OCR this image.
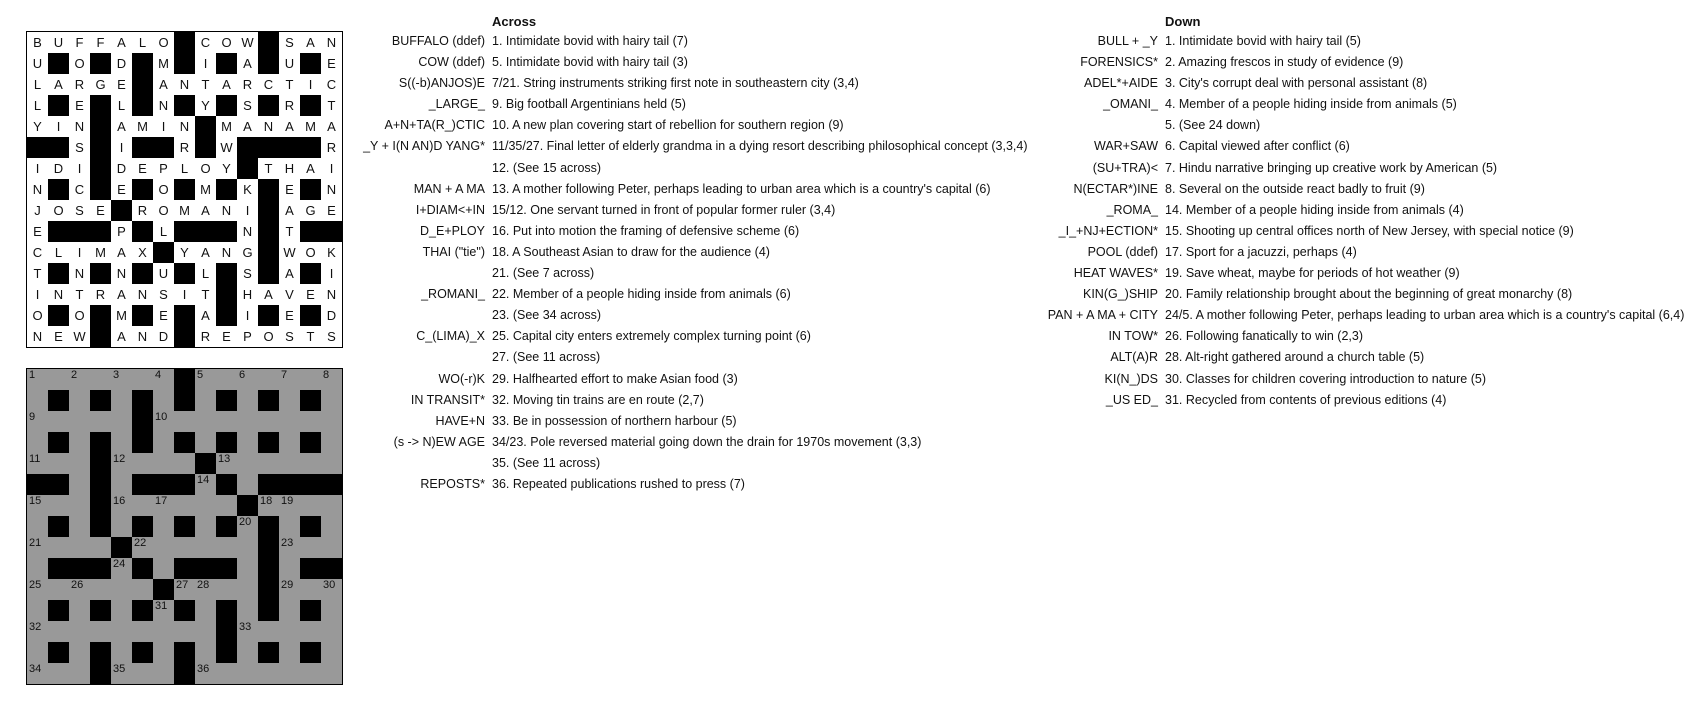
B U F	F A	L O	C O W	S A N
U	O	D	M	I	A	U	E
L	A R G E	A N T A R C T	I	C
L	E	L	N	Y	S	R	T
Y	I	N	A M	I	N	M A N A M A
S	I	R	W	R
I	D	I	D E P	L O Y	T H A	I
N	C	E	O	M	K	E	N
J O S E	R O M A N	I	A G E
E	P	L	N	T
C L	I	M A X	Y A N G	W O K
T	N	N	U	L	S	A	I
I	N T R A N S	I	T	H A V E N
O	O	M	E	A	I	E	D
N E W	A N D	R E P O S T S
1	2	3	4	5	6	7	8
9	10
11	12	13
14
15	16	17	18 19
20
21	22	23
24
25	26	27 28	29	30
31
32	33
34	35	36
Across	Down
BUFFALO (ddef) 1. Intimidate bovid with hairy tail (7)
COW (ddef) 5. Intimidate bovid with hairy tail (3)
S((-b)ANJOS)E 7/21. String instruments striking first note in southeastern city (3,4)
_LARGE_ 9. Big football Argentinians held (5)
A+N+TA(R_)CTIC 10. A new plan covering start of rebellion for southern region (9)
_Y + I(N AN)D YANG* 11/35/27. Final letter of elderly grandma in a dying resort describing philosophical concept (3,3,4)
12. (See 15 across)
MAN + A MA 13. A mother following Peter, perhaps leading to urban area which is a country's capital (6)
I+DIAM<+IN 15/12. One servant turned in front of popular former ruler (3,4)
D_E+PLOY 16. Put into motion the framing of defensive scheme (6)
THAI ("tie") 18. A Southeast Asian to draw for the audience (4)
21. (See 7 across)
_ROMANI_ 22. Member of a people hiding inside from animals (6)
23. (See 34 across)
C_(LIMA)_X 25. Capital city enters extremely complex turning point (6)
27. (See 11 across)
WO(-r)K 29. Halfhearted effort to make Asian food (3)
IN TRANSIT* 32. Moving tin trains are en route (2,7)
HAVE+N 33. Be in possession of northern harbour (5)
(s -> N)EW AGE 34/23. Pole reversed material going down the drain for 1970s movement (3,3)
35. (See 11 across)
REPOSTS* 36. Repeated publications rushed to press (7)
BULL + _Y 1. Intimidate bovid with hairy tail (5)
FORENSICS* 2. Amazing frescos in study of evidence (9)
ADEL*+AIDE 3. City's corrupt deal with personal assistant (8)
_OMANI_ 4. Member of a people hiding inside from animals (5)
5. (See 24 down)
WAR+SAW 6. Capital viewed after conflict (6)
(SU+TRA)< 7. Hindu narrative bringing up creative work by American (5)
N(ECTAR*)INE 8. Several on the outside react badly to fruit (9)
_ROMA_ 14. Member of a people hiding inside from animals (4)
_I_+NJ+ECTION* 15. Shooting up central offices north of New Jersey, with special notice (9)
POOL (ddef) 17. Sport for a jacuzzi, perhaps (4)
HEAT WAVES* 19. Save wheat, maybe for periods of hot weather (9)
KIN(G_)SHIP 20. Family relationship brought about the beginning of great monarchy (8)
PAN + A MA + CITY 24/5. A mother following Peter, perhaps leading to urban area which is a country's capital (6,4)
IN TOW* 26. Following fanatically to win (2,3)
ALT(A)R 28. Alt-right gathered around a church table (5)
KI(N_)DS 30. Classes for children covering introduction to nature (5)
_US ED_ 31. Recycled from contents of previous editions (4)
